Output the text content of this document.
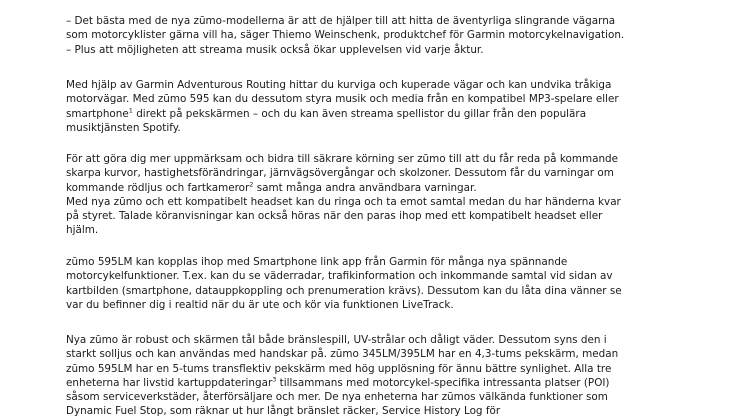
– Det bästa med de nya zūmo-modellerna är att de hjälper till att hitta de äventyrliga slingrande vägarna
som motorcyklister gärna vill ha, säger Thiemo Weinschenk, produktchef för Garmin motorcykelnavigation.
– Plus att möjligheten att streama musik också ökar upplevelsen vid varje åktur.
Med hjälp av Garmin Adventurous Routing hittar du kurviga och kuperade vägar och kan undvika tråkiga
motorvägar. Med zūmo 595 kan du dessutom styra musik och media från en kompatibel MP3-spelare eller
smartphone$^1$ direkt på pekskärmen – och du kan även streama spellistor du gillar från den populära
musiktjänsten Spotify.
För att göra dig mer uppmärksam och bidra till säkrare körning ser zūmo till att du får reda på kommande
skarpa kurvor, hastighetsförändringar, järnvägsövergångar och skolzoner. Dessutom får du varningar om
kommande rödljus och fartkameror$^2$ samt många andra användbara varningar.
Med nya zūmo och ett kompatibelt headset kan du ringa och ta emot samtal medan du har händerna kvar
på styret. Talade köranvisningar kan också höras när den paras ihop med ett kompatibelt headset eller
hjälm.
zūmo 595LM kan kopplas ihop med Smartphone link app från Garmin för många nya spännande
motorcykelfunktioner. T.ex. kan du se väderradar, trafikinformation och inkommande samtal vid sidan av
kartbilden (smartphone, datauppkoppling och prenumeration krävs). Dessutom kan du låta dina vänner se
var du befinner dig i realtid när du är ute och kör via funktionen LiveTrack.
Nya zūmo är robust och skärmen tål både bränslespill, UV-strålar och dåligt väder. Dessutom syns den i
starkt solljus och kan användas med handskar på. zūmo 345LM/395LM har en 4,3-tums pekskärm, medan
zūmo 595LM har en 5-tums transflektiv pekskärm med hög upplösning för ännu bättre synlighet. Alla tre
enheterna har livstid kartuppdateringar$^3$ tillsammans med motorcykel-specifika intressanta platser (POI)
såsom serviceverkstäder, återförsäljare och mer. De nya enheterna har zūmos välkända funktioner som
Dynamic Fuel Stop, som räknar ut hur långt bränslet räcker, Service History Log för
